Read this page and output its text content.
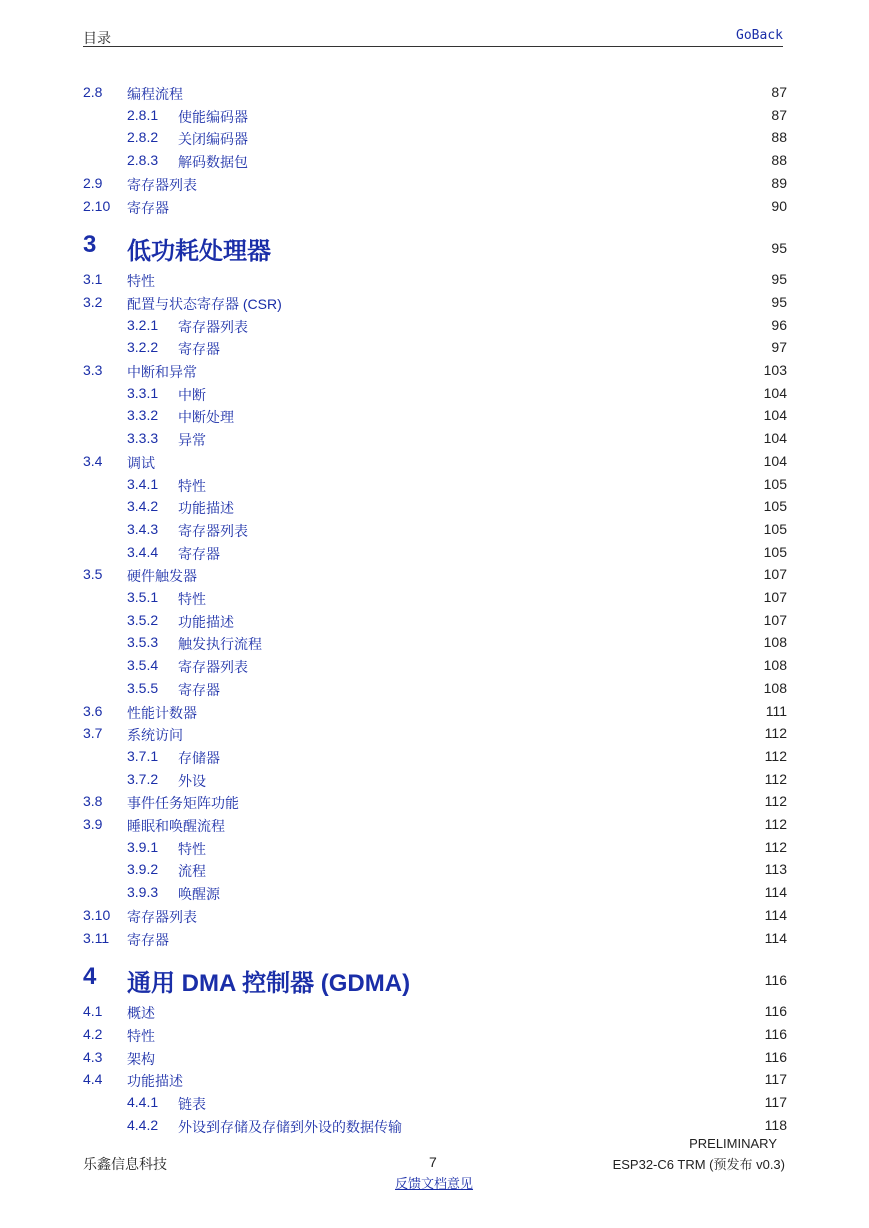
目录	GoBack
2.8 编程流程	87
2.8.1 使能编码器	87
2.8.2 关闭编码器	88
2.8.3 解码数据包	88
2.9 寄存器列表	89
2.10 寄存器	90
3 低功耗处理器	95
3.1 特性	95
3.2 配置与状态寄存器 (CSR)	95
3.2.1 寄存器列表	96
3.2.2 寄存器	97
3.3 中断和异常	103
3.3.1 中断	104
3.3.2 中断处理	104
3.3.3 异常	104
3.4 调试	104
3.4.1 特性	105
3.4.2 功能描述	105
3.4.3 寄存器列表	105
3.4.4 寄存器	105
3.5 硬件触发器	107
3.5.1 特性	107
3.5.2 功能描述	107
3.5.3 触发执行流程	108
3.5.4 寄存器列表	108
3.5.5 寄存器	108
3.6 性能计数器	111
3.7 系统访问	112
3.7.1 存储器	112
3.7.2 外设	112
3.8 事件任务矩阵功能	112
3.9 睡眠和唤醒流程	112
3.9.1 特性	112
3.9.2 流程	113
3.9.3 唤醒源	114
3.10 寄存器列表	114
3.11 寄存器	114
4 通用 DMA 控制器 (GDMA)	116
4.1 概述	116
4.2 特性	116
4.3 架构	116
4.4 功能描述	117
4.4.1 链表	117
4.4.2 外设到存储及存储到外设的数据传输	118
PRELIMINARY
乐鑫信息科技	7	ESP32-C6 TRM (预发布 v0.3)
反馈文档意见
